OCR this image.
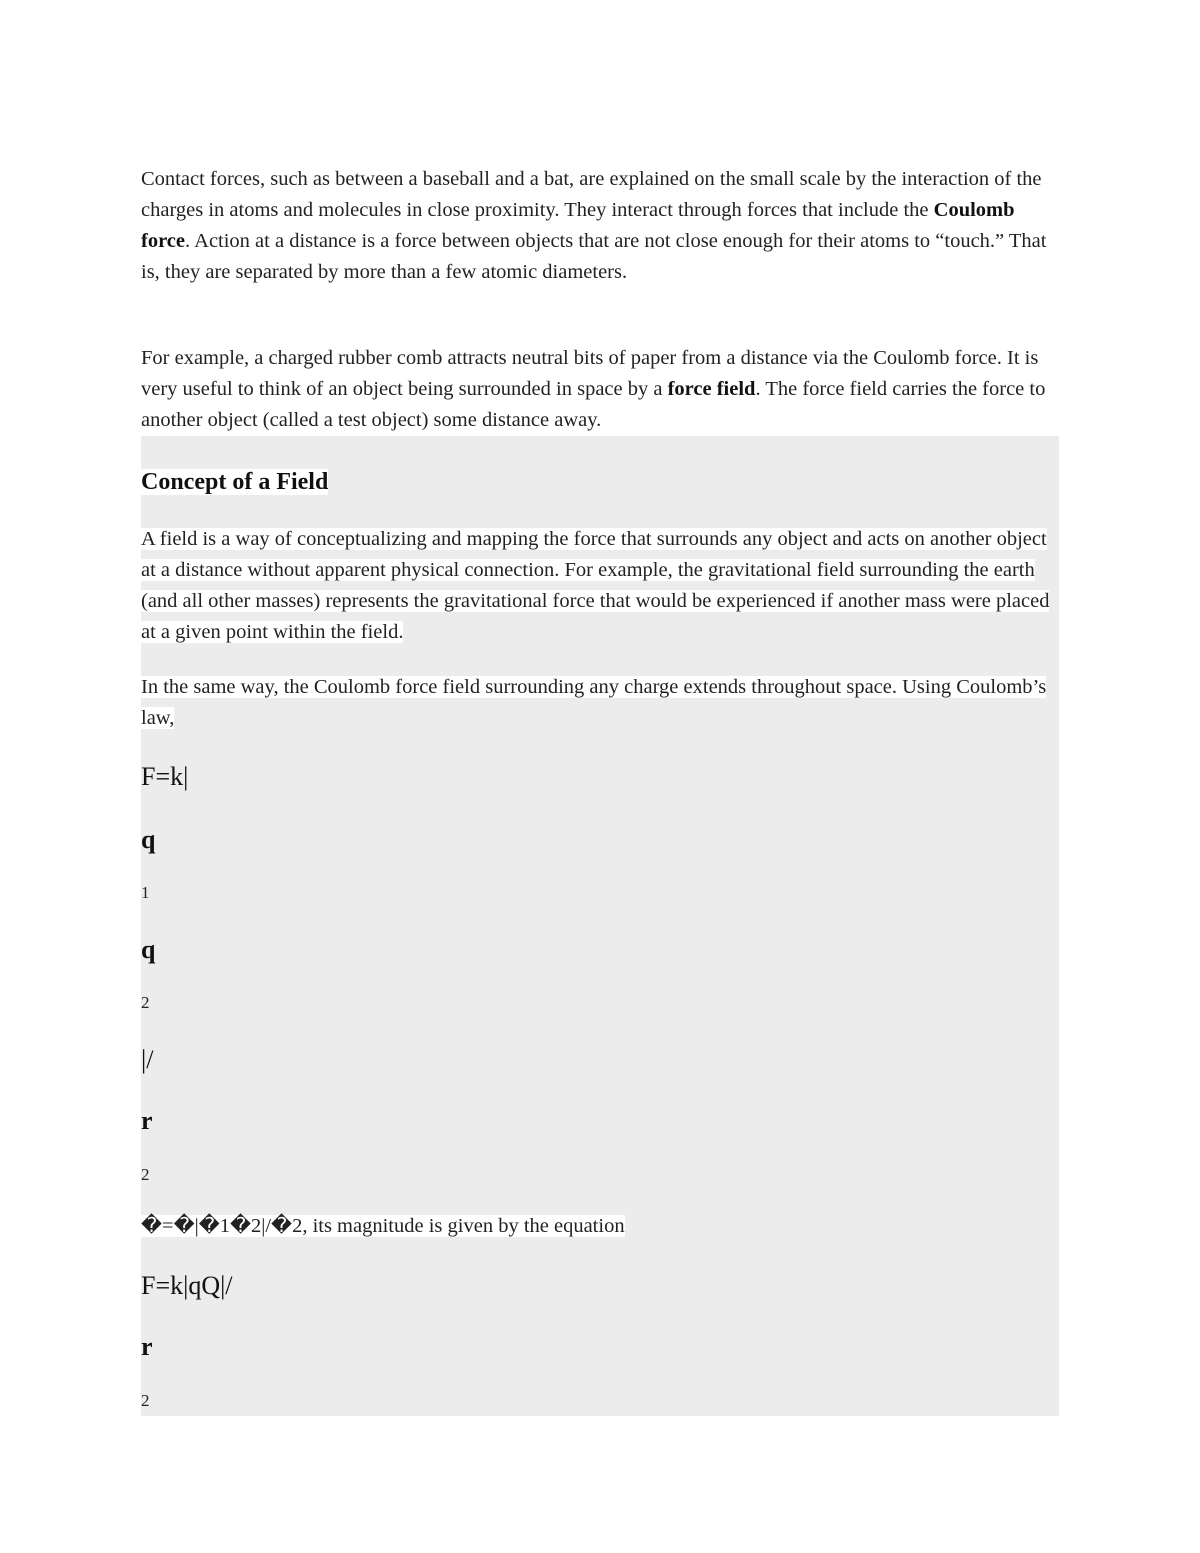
Contact forces, such as between a baseball and a bat, are explained on the small scale by the interaction of the charges in atoms and molecules in close proximity. They interact through forces that include the Coulomb force. Action at a distance is a force between objects that are not close enough for their atoms to “touch.” That is, they are separated by more than a few atomic diameters.

For example, a charged rubber comb attracts neutral bits of paper from a distance via the Coulomb force. It is very useful to think of an object being surrounded in space by a force field. The force field carries the force to another object (called a test object) some distance away.

Concept of a Field

A field is a way of conceptualizing and mapping the force that surrounds any object and acts on another object at a distance without apparent physical connection. For example, the gravitational field surrounding the earth (and all other masses) represents the gravitational force that would be experienced if another mass were placed at a given point within the field.

In the same way, the Coulomb force field surrounding any charge extends throughout space. Using Coulomb’s law,

F=k|
q
1
q
2
|/
r
2
�=�|�1�2|/�2, its magnitude is given by the equation
F=k|qQ|/
r
2
